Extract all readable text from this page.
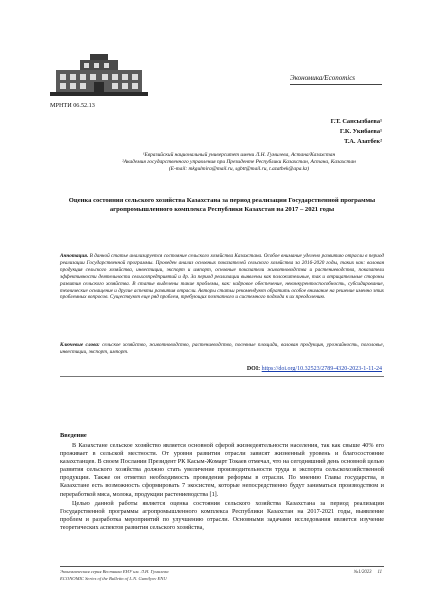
Экономика/Economics
МРНТИ 06.52.13
Г.Т. Сансызбаева¹
Г.К. Укибаева¹
Т.А. Азатбек²
¹Евразийский национальный университет имени Л.Н. Гумилева, Астана/Казахстан
²Академия государственного управления при Президенте Республики Казахстан, Астана, Казахстан
(E-mail: mkgulmira@mail.ru, sgbtt@mail.ru, t.azatbek@apa.kz)
Оценка состояния сельского хозяйства Казахстана за период реализации Государственной программы агропромышленного комплекса Республики Казахстан на 2017 – 2021 годы
Аннотация. В данной статье анализируется состояние сельского хозяйства Казахстана. Особое внимание уделено развитию отрасли в период реализации Государственной программы. Проведен анализ основных показателей сельского хозяйства за 2016-2020 годы, таких как: валовая продукция сельского хозяйства, инвестиции, экспорт и импорт, основные показатели животноводства и растениеводства, показатели эффективности деятельности сельхозпредприятий и др. За период реализации выявлены как положительные, так и отрицательные стороны развития сельского хозяйства. В статье выделены такие проблемы, как: кадровое обеспечение, неконкурентоспособность, субсидирование, технические оснащение и другие аспекты развития отрасли. Авторы статьи рекомендуют обратить особое внимание на решение именно этих проблемных вопросов. Существуют еще ряд проблем, требующих поэтапного и системного подхода к их преодолению.
Ключевые слова: сельское хозяйство, животноводство, растениеводство, посевные площади, валовая продукция, урожайность, поголовье, инвестиции, экспорт, импорт.
DOI: https://doi.org/10.32523/2789-4320-2023-1-11-24
Введение

В Казахстане сельское хозяйство является основной сферой жизнедеятельности населения, так как свыше 40% его проживает в сельской местности. От уровня развития отрасли зависят жизненный уровень и благосостояние казахстанцев. В своем Послании Президент РК Касым-Жомарт Токаев отмечал, что на сегодняшний день основной целью развития сельского хозяйства должно стать увеличение производительности труда и экспорта сельскохозяйственной продукции. Также он отметил необходимость проведения реформы в отрасли. По мнению Главы государства, в Казахстане есть возможность сформировать 7 экосистем, которые непосредственно будут заниматься производством и переработкой мяса, молока, продукции растениеводства [1].

Целью данной работы является оценка состояния сельского хозяйства Казахстана за период реализации Государственной программы агропромышленного комплекса Республики Казахстан на 2017-2021 годы, выявление проблем и разработка мероприятий по улучшению отрасли. Основными задачами исследования является изучение теоретических аспектов развития сельского хозяйства,

Экономическая серия Вестника ЕНУ им. Л.Н. Гумилева
ECONOMIC Series of the Bulletin of L.N. Gumilyov ENU
№1/2023 11
